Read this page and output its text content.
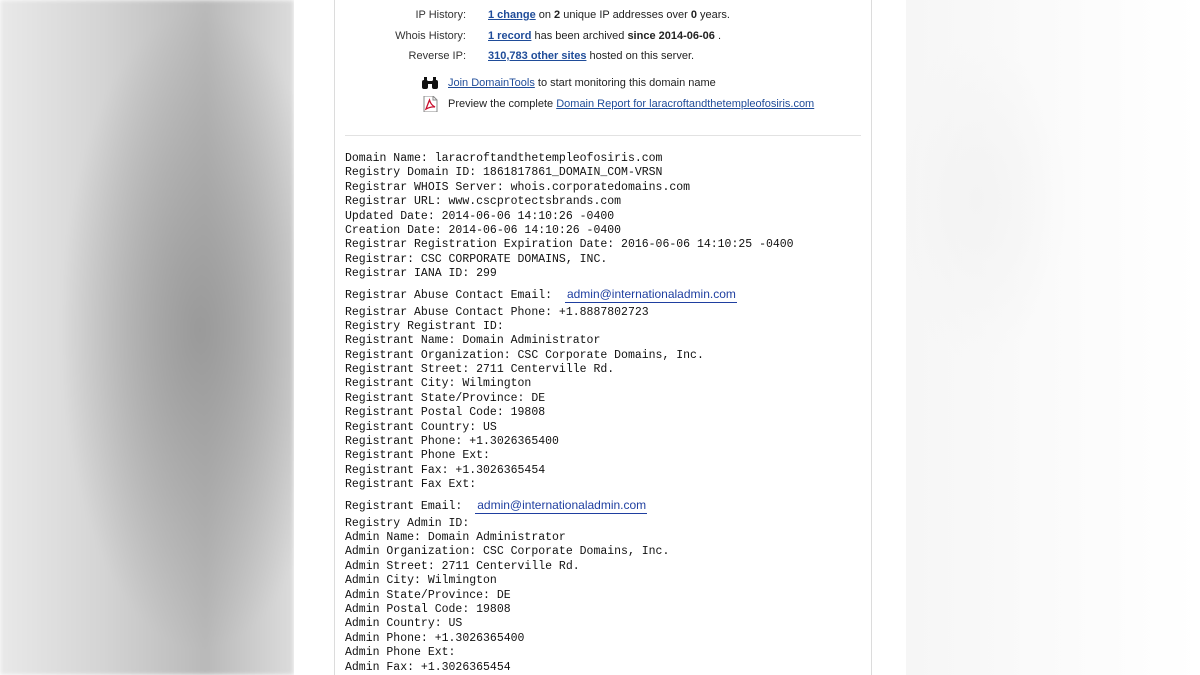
IP History: 1 change on 2 unique IP addresses over 0 years.
Whois History: 1 record has been archived since 2014-06-06 .
Reverse IP: 310,783 other sites hosted on this server.
Join DomainTools to start monitoring this domain name
Preview the complete Domain Report for laracroftandthetempleofosiris.com
Domain Name: laracroftandthetempleofosiris.com
Registry Domain ID: 1861817861_DOMAIN_COM-VRSN
Registrar WHOIS Server: whois.corporatedomains.com
Registrar URL: www.cscprotectsbrands.com
Updated Date: 2014-06-06 14:10:26 -0400
Creation Date: 2014-06-06 14:10:26 -0400
Registrar Registration Expiration Date: 2016-06-06 14:10:25 -0400
Registrar: CSC CORPORATE DOMAINS, INC.
Registrar IANA ID: 299
Registrar Abuse Contact Email: admin@internationaladmin.com
Registrar Abuse Contact Phone: +1.8887802723
Registry Registrant ID:
Registrant Name: Domain Administrator
Registrant Organization: CSC Corporate Domains, Inc.
Registrant Street: 2711 Centerville Rd.
Registrant City: Wilmington
Registrant State/Province: DE
Registrant Postal Code: 19808
Registrant Country: US
Registrant Phone: +1.3026365400
Registrant Phone Ext:
Registrant Fax: +1.3026365454
Registrant Fax Ext:
Registrant Email: admin@internationaladmin.com
Registry Admin ID:
Admin Name: Domain Administrator
Admin Organization: CSC Corporate Domains, Inc.
Admin Street: 2711 Centerville Rd.
Admin City: Wilmington
Admin State/Province: DE
Admin Postal Code: 19808
Admin Country: US
Admin Phone: +1.3026365400
Admin Phone Ext:
Admin Fax: +1.3026365454
